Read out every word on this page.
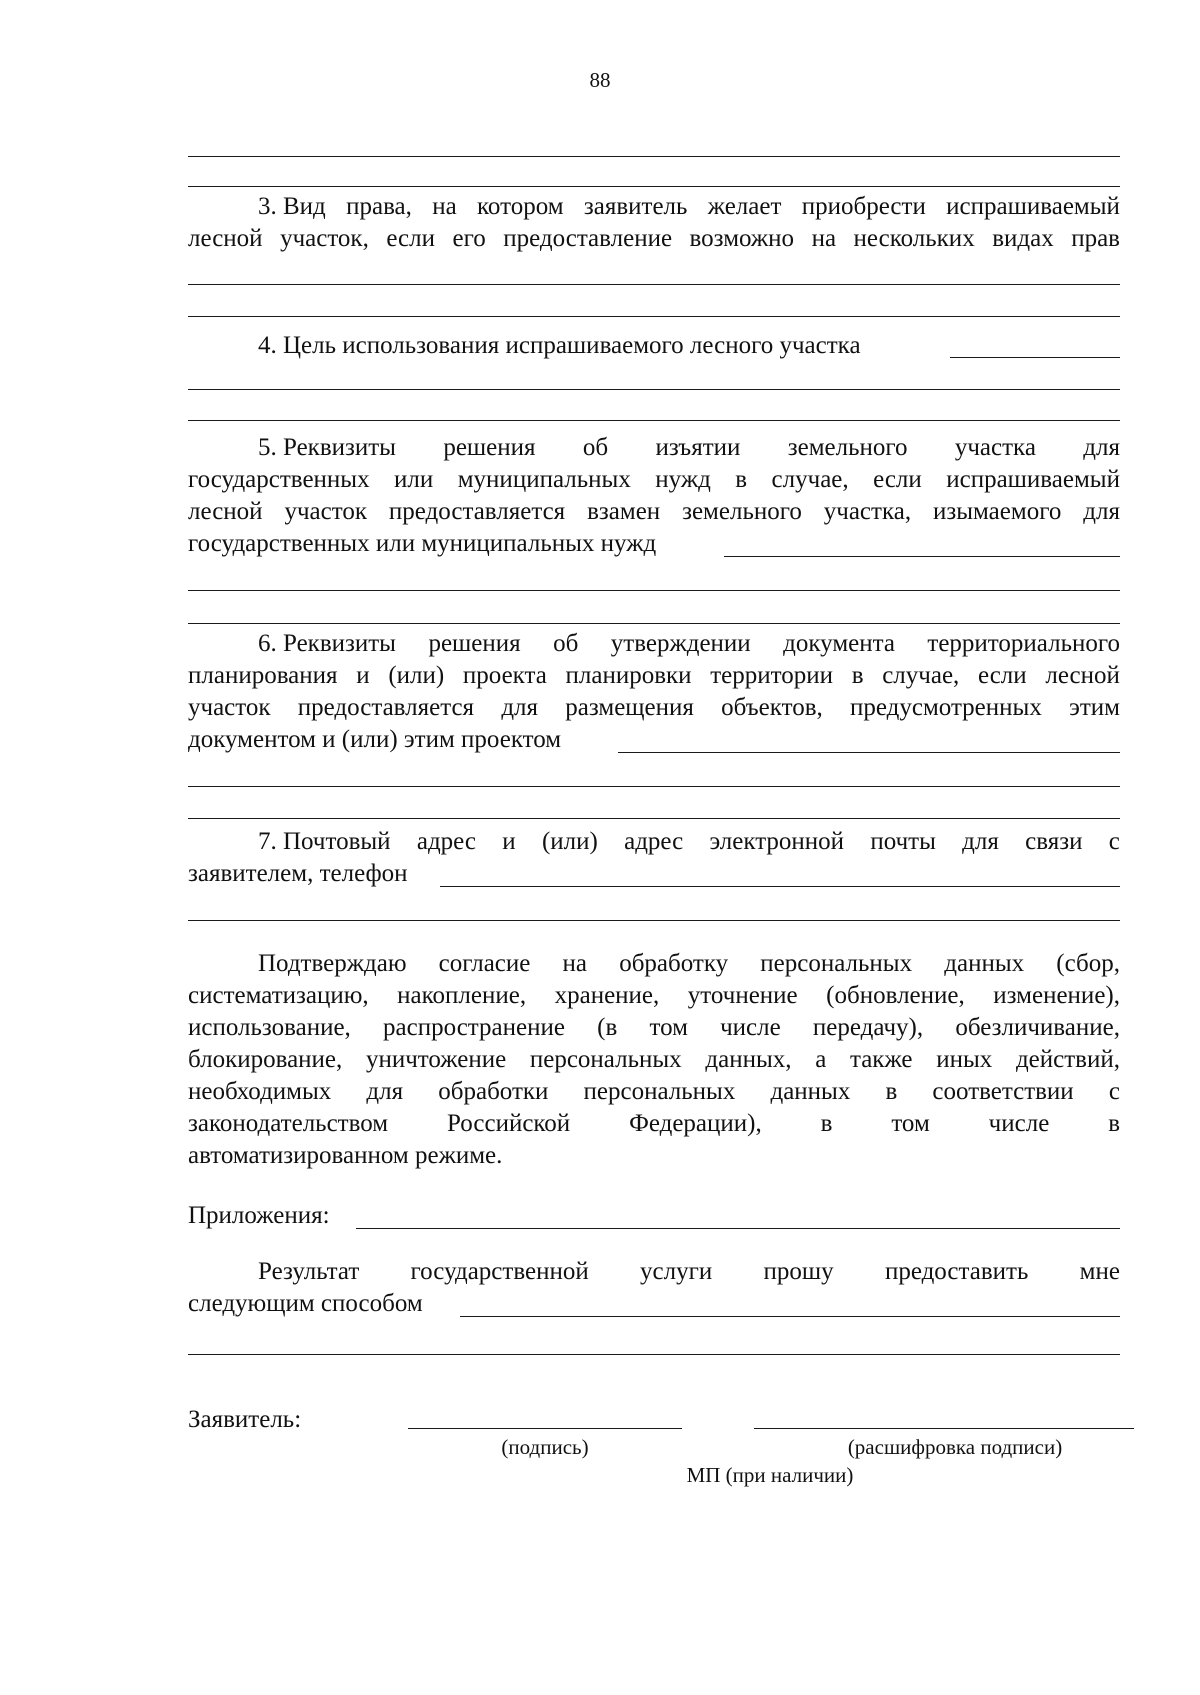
88
3. Вид права, на котором заявитель желает приобрести испрашиваемый
лесной участок, если его предоставление возможно на нескольких видах прав
4. Цель использования испрашиваемого лесного участка
5. Реквизиты решения об изъятии земельного участка для
государственных или муниципальных нужд в случае, если испрашиваемый
лесной участок предоставляется взамен земельного участка, изымаемого для
государственных или муниципальных нужд
6. Реквизиты решения об утверждении документа территориального
планирования и (или) проекта планировки территории в случае, если лесной
участок предоставляется для размещения объектов, предусмотренных этим
документом и (или) этим проектом
7. Почтовый адрес и (или) адрес электронной почты для связи с
заявителем, телефон
Подтверждаю согласие на обработку персональных данных (сбор,
систематизацию, накопление, хранение, уточнение (обновление, изменение),
использование, распространение (в том числе передачу), обезличивание,
блокирование, уничтожение персональных данных, а также иных действий,
необходимых для обработки персональных данных в соответствии с
законодательством Российской Федерации), в том числе в
автоматизированном режиме.
Приложения:
Результат государственной услуги прошу предоставить мне
следующим способом
Заявитель:
(подпись)	(расшифровка подписи)
МП (при наличии)
